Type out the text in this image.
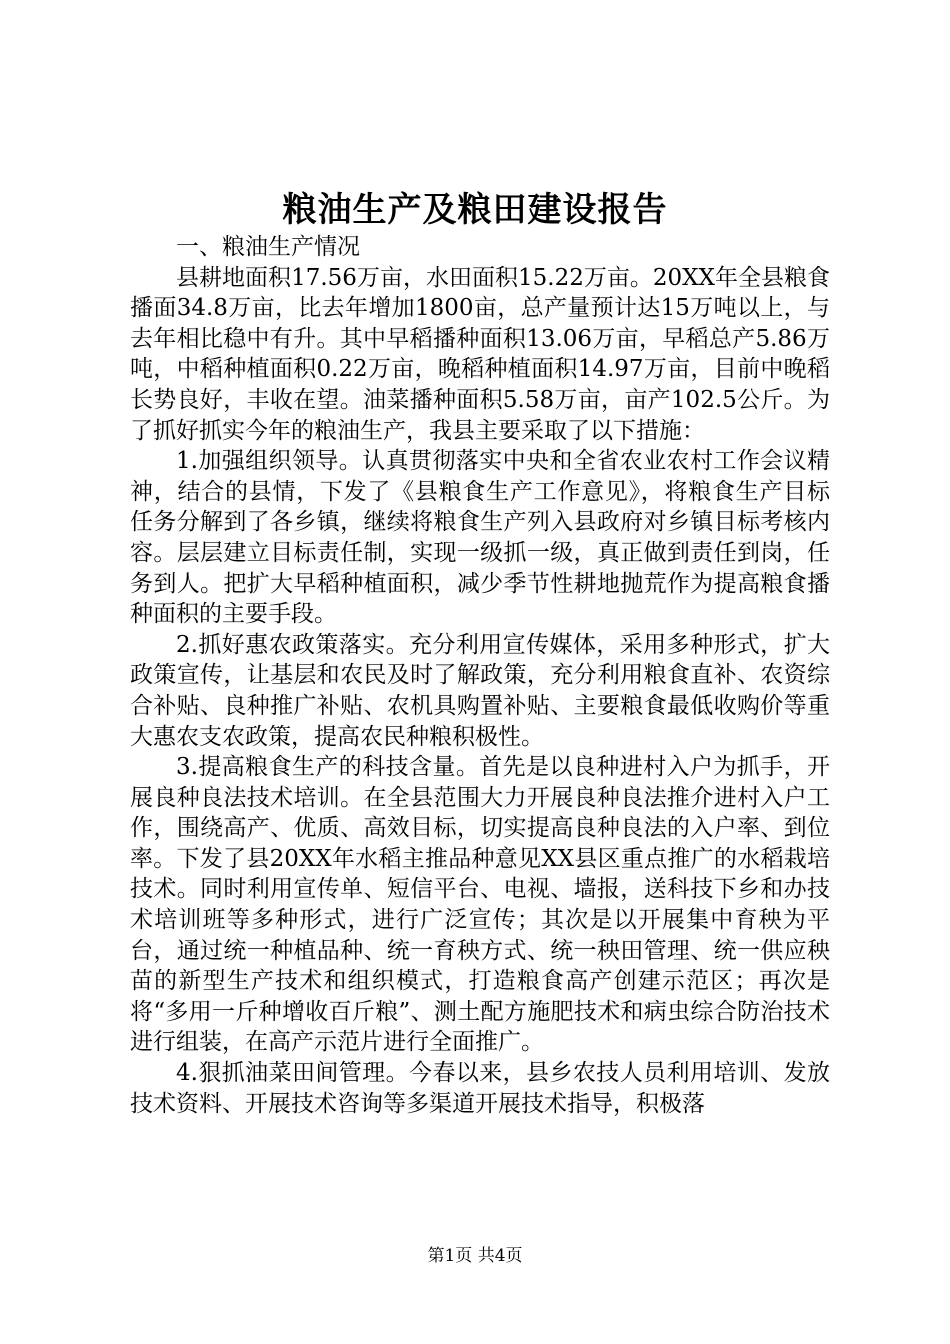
粮油生产及粮田建设报告
一、粮油生产情况

县耕地面积17.56万亩，水田面积15.22万亩。20XX年全县粮食播面34.8万亩，比去年增加1800亩，总产量预计达15万吨以上，与去年相比稳中有升。其中早稻播种面积13.06万亩，早稻总产5.86万吨，中稻种植面积0.22万亩，晚稻种植面积14.97万亩，目前中晚稻长势良好，丰收在望。油菜播种面积5.58万亩，亩产102.5公斤。为了抓好抓实今年的粮油生产，我县主要采取了以下措施：

1.加强组织领导。认真贯彻落实中央和全省农业农村工作会议精神，结合的县情，下发了《县粮食生产工作意见》，将粮食生产目标任务分解到了各乡镇，继续将粮食生产列入县政府对乡镇目标考核内容。层层建立目标责任制，实现一级抓一级，真正做到责任到岗，任务到人。把扩大早稻种植面积，减少季节性耕地抛荒作为提高粮食播种面积的主要手段。

2.抓好惠农政策落实。充分利用宣传媒体，采用多种形式，扩大政策宣传，让基层和农民及时了解政策，充分利用粮食直补、农资综合补贴、良种推广补贴、农机具购置补贴、主要粮食最低收购价等重大惠农支农政策，提高农民种粮积极性。

3.提高粮食生产的科技含量。首先是以良种进村入户为抓手，开展良种良法技术培训。在全县范围大力开展良种良法推介进村入户工作，围绕高产、优质、高效目标，切实提高良种良法的入户率、到位率。下发了县20XX年水稻主推品种意见XX县区重点推广的水稻栽培技术。同时利用宣传单、短信平台、电视、墙报，送科技下乡和办技术培训班等多种形式，进行广泛宣传；其次是以开展集中育秧为平台，通过统一种植品种、统一育秧方式、统一秧田管理、统一供应秧苗的新型生产技术和组织模式，打造粮食高产创建示范区；再次是将“多用一斤种增收百斤粮”、测土配方施肥技术和病虫综合防治技术进行组装，在高产示范片进行全面推广。

4.狠抓油菜田间管理。今春以来，县乡农技人员利用培训、发放技术资料、开展技术咨询等多渠道开展技术指导，积极落

第1页 共4页
